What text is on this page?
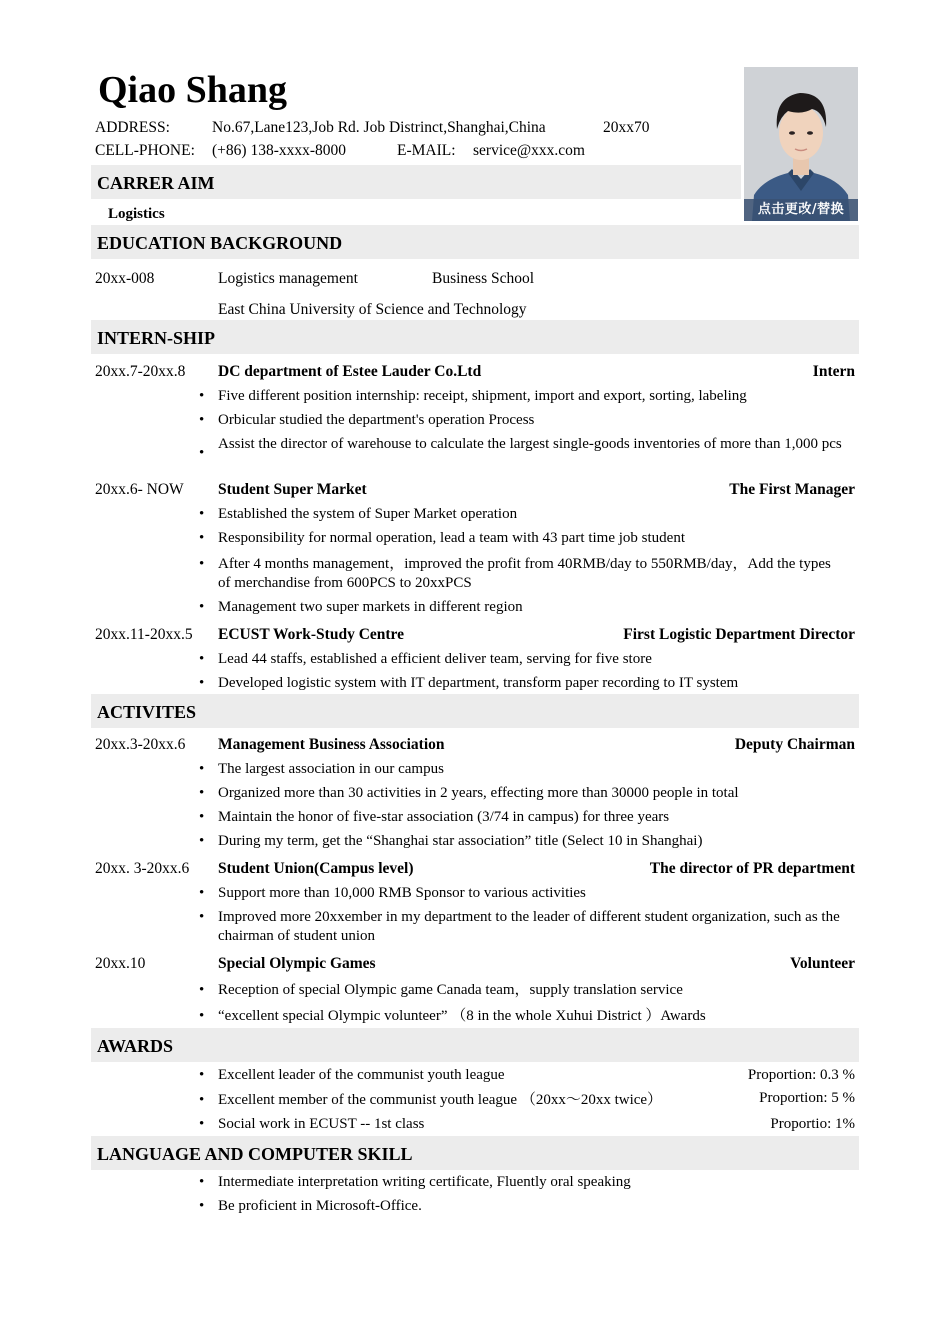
Qiao Shang
ADDRESS:	No.67,Lane123,Job Rd. Job Distrinct,Shanghai,China	20xx70
CELL-PHONE: (+86) 138-xxxx-8000	E-MAIL: service@xxx.com
CARRER AIM
Logistics	点击更改/替换
EDUCATION BACKGROUND
20xx-008	Logistics management	Business School
East China University of Science and Technology
INTERN-SHIP
20xx.7-20xx.8 DC department of Estee Lauder Co.Ltd	Intern
• Five different position internship: receipt, shipment, import and export, sorting, labeling
• Orbicular studied the department's operation Process
•
Assist the director of warehouse to calculate the largest single-goods inventories of more than 1,000 pcs
20xx.6- NOW Student Super Market	The First Manager
• Established the system of Super Market operation
• Responsibility for normal operation, lead a team with 43 part time job student
• After 4 months management，improved the profit from 40RMB/day to 550RMB/day，Add the types of merchandise from 600PCS to 20xxPCS
• Management two super markets in different region
20xx.11-20xx.5 ECUST Work-Study Centre	First Logistic Department Director
• Lead 44 staffs, established a efficient deliver team, serving for five store
• Developed logistic system with IT department, transform paper recording to IT system
ACTIVITES
20xx.3-20xx.6 Management Business Association	Deputy Chairman
• The largest association in our campus
• Organized more than 30 activities in 2 years, effecting more than 30000 people in total
• Maintain the honor of five-star association (3/74 in campus) for three years
• During my term, get the “Shanghai star association” title (Select 10 in Shanghai)
20xx. 3-20xx.6 Student Union(Campus level)	The director of PR department
• Support more than 10,000 RMB Sponsor to various activities
• Improved more 20xxember in my department to the leader of different student organization, such as the chairman of student union
20xx.10	Special Olympic Games	Volunteer
• Reception of special Olympic game Canada team，supply translation service
• “excellent special Olympic volunteer” （8 in the whole Xuhui District ）Awards
AWARDS
• Excellent leader of the communist youth league	Proportion: 0.3 %
• Excellent member of the communist youth league （20xx～20xx twice）	Proportion: 5 %
• Social work in ECUST -- 1st class	Proportio: 1%
LANGUAGE AND COMPUTER SKILL
• Intermediate interpretation writing certificate, Fluently oral speaking
• Be proficient in Microsoft-Office.
